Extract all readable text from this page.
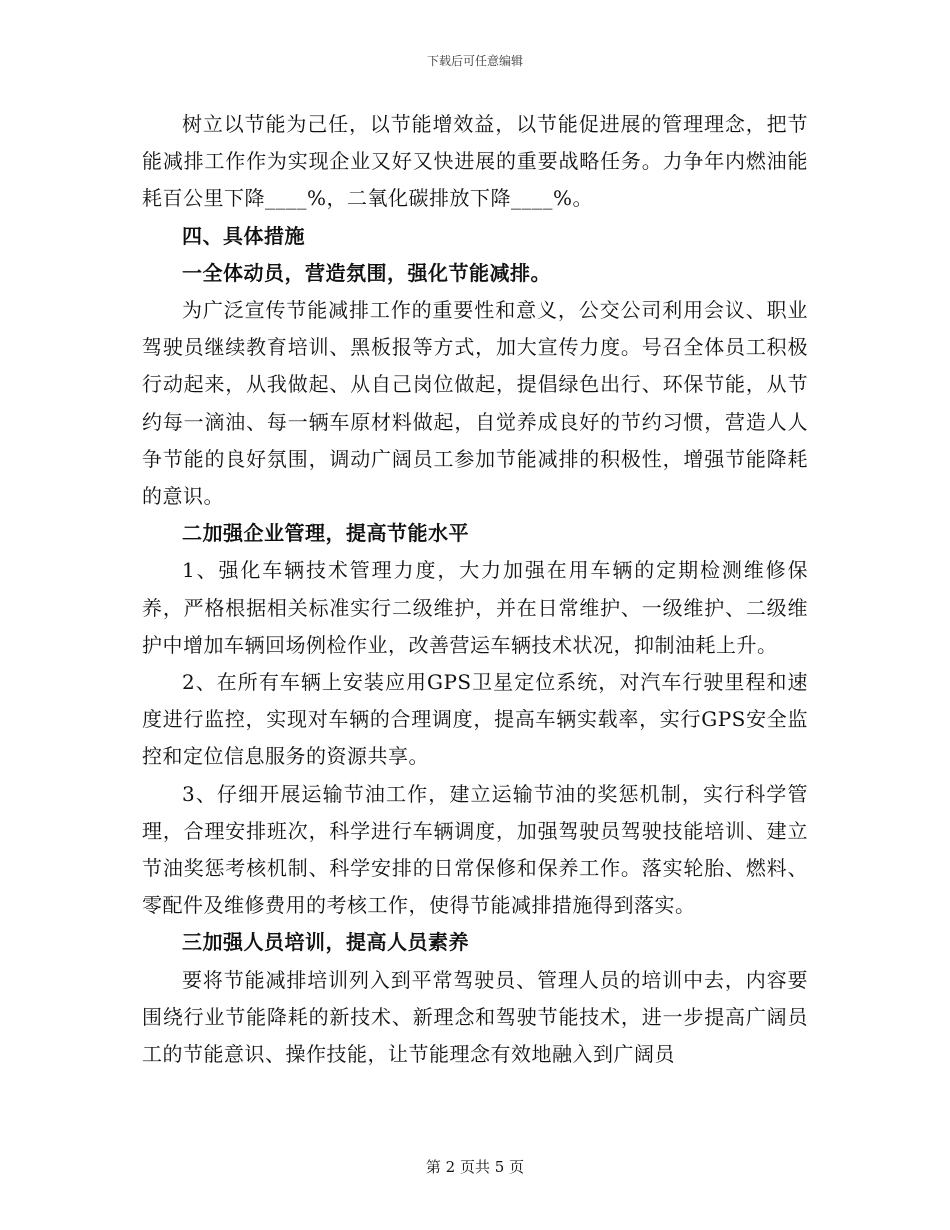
下载后可任意编辑

树立以节能为己任，以节能增效益，以节能促进展的管理理念，把节能减排工作作为实现企业又好又快进展的重要战略任务。力争年内燃油能耗百公里下降____%，二氧化碳排放下降____%。

四、具体措施

一全体动员，营造氛围，强化节能减排。

为广泛宣传节能减排工作的重要性和意义，公交公司利用会议、职业驾驶员继续教育培训、黑板报等方式，加大宣传力度。号召全体员工积极行动起来，从我做起、从自己岗位做起，提倡绿色出行、环保节能，从节约每一滴油、每一辆车原材料做起，自觉养成良好的节约习惯，营造人人争节能的良好氛围，调动广阔员工参加节能减排的积极性，增强节能降耗的意识。

二加强企业管理，提高节能水平

1、强化车辆技术管理力度，大力加强在用车辆的定期检测维修保养，严格根据相关标准实行二级维护，并在日常维护、一级维护、二级维护中增加车辆回场例检作业，改善营运车辆技术状况，抑制油耗上升。

2、在所有车辆上安装应用GPS卫星定位系统，对汽车行驶里程和速度进行监控，实现对车辆的合理调度，提高车辆实载率，实行GPS安全监控和定位信息服务的资源共享。

3、仔细开展运输节油工作，建立运输节油的奖惩机制，实行科学管理，合理安排班次，科学进行车辆调度，加强驾驶员驾驶技能培训、建立节油奖惩考核机制、科学安排的日常保修和保养工作。落实轮胎、燃料、零配件及维修费用的考核工作，使得节能减排措施得到落实。

三加强人员培训，提高人员素养

要将节能减排培训列入到平常驾驶员、管理人员的培训中去，内容要围绕行业节能降耗的新技术、新理念和驾驶节能技术，进一步提高广阔员工的节能意识、操作技能，让节能理念有效地融入到广阔员

第 2 页共 5 页
